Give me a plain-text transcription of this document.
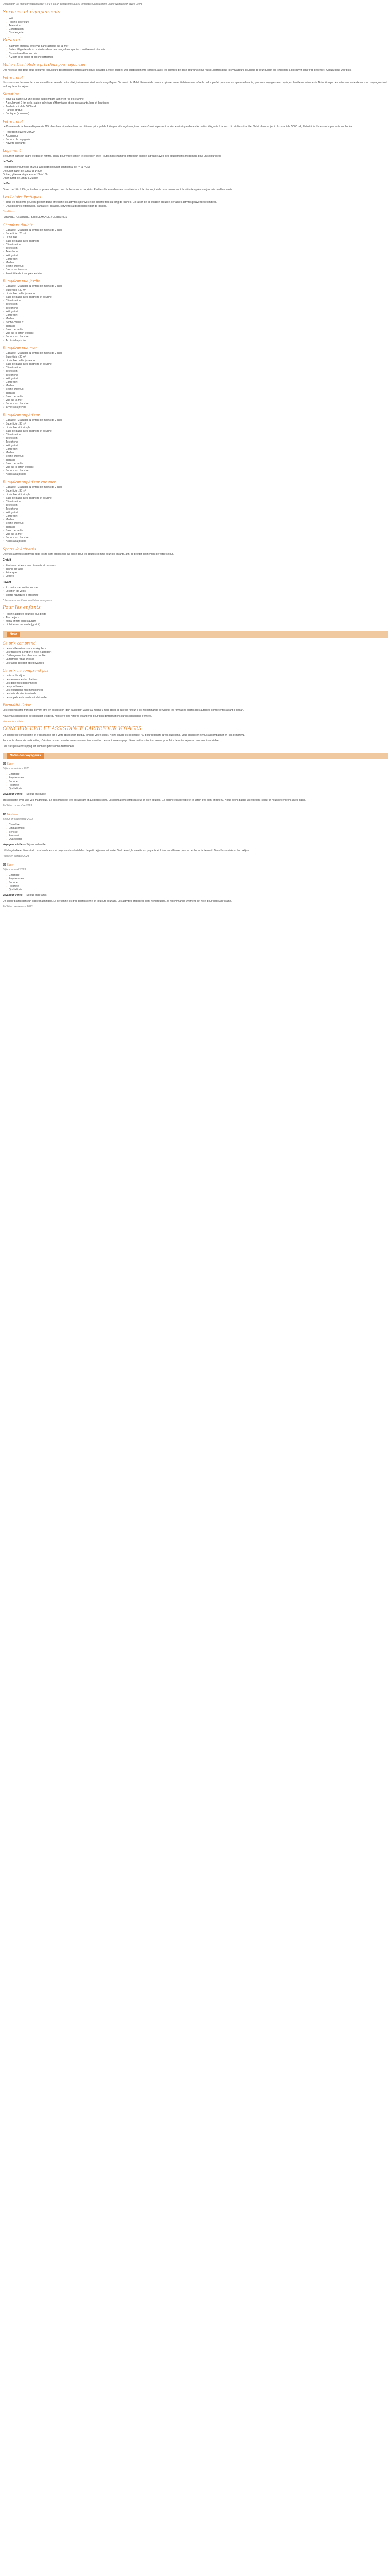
Description (ci-joint correspondance) : Il y a eu un compromis avec Formalités Conciergerie Large Négociation avec Client

Services et équipements
▪ Wifi
▪ Piscine extérieure
▪ Télévision
▪ Climatisation
▪ Conciergerie
Résumé
▪ Bâtiment principal avec vue panoramique sur la mer
▪ Suites élégantes de luxe situées dans des bungalows spacieux entièrement rénovés
▪ Couverture déconnectée
▪ À 2 km de la plage et proche d'Hermès
Mahé : Des hôtels à prix doux pour séjourner

Des hôtels à prix doux pour séjourner : plusieurs des meilleurs hôtels à prix doux, adaptés à votre budget. Des établissements simples, avec les services de base pour un séjour réussi, parfaits pour les voyageurs soucieux de leur budget qui cherchent à découvrir sans trop dépenser. Cliquez pour voir plus.

Votre hôtel

Nous sommes heureux de vous accueillir au sein de notre hôtel, idéalement situé sur la magnifique côte ouest de Mahé. Entouré de nature tropicale, notre établissement offre le cadre parfait pour une escapade relaxante, que vous voyagiez en couple, en famille ou entre amis. Notre équipe dévouée sera ravie de vous accompagner tout au long de votre séjour.

Situation
• Situé au calme sur une colline surplombant la mer et l'île d'Ste Anne
• À seulement 2 km de la station balnéaire d'Hermitage et ses restaurants, bars et boutiques
• Jardin tropical de 5000 m2
• Parking gratuit
• Boutique (souvenirs)
Votre hôtel

Le Domaine de la Pointe dispose de 225 chambres réparties dans un bâtiment principal de 2 étages et bungalows, tous dotés d'un équipement moderne ainsi que d'une décoration élégante à la fois chic et décontractée. Niché dans un jardin luxuriant de 5000 m2, il bénéficie d'une vue imprenable sur l'océan.

• Réception ouverte 24h/24
• Ascenseur
• Service de bagagerie
• Navette (payante)
Logement

Séjournez dans un cadre élégant et raffiné, conçu pour votre confort et votre bien-être. Toutes nos chambres offrent un espace agréable avec des équipements modernes, pour un séjour idéal.

Le Tarifs

Petit déjeuner buffet de 7h30 à 10h (petit déjeuner continental de 7h à 7h30)
Déjeuner buffet de 12h00 à 14h00
Goûter, gâteaux et glaces de 15h à 16h
Dîner buffet de 18h30 à 21h30

Le Bar

Ouvert de 10h à 23h, notre bar propose un large choix de boissons et cocktails. Profitez d'une ambiance conviviale face à la piscine, idéale pour un moment de détente après une journée de découverte.

Les Loisirs Pratiques
• Tous les résidents peuvent profiter d'une offre riche en activités sportives et de détente tout au long de l'année. En raison de la situation actuelle, certaines activités peuvent être limitées.
• Deux piscines extérieures, transats et parasols, serviettes à disposition et bar de piscine.

Conditions

PAYANTE / GRATUITE / SUR DEMANDE / CERTAINES

Chambre double
• Capacité : 2 adultes (1 enfant de moins de 2 ans)
• Superficie : 25 m²
• Lit double
• Salle de bains avec baignoire
• Climatisation
• Télévision
• Téléphone
• Wifi gratuit
• Coffre-fort
• Minibar
• Sèche-cheveux
• Balcon ou terrasse
• Possibilité de lit supplémentaire
Bungalow vue jardin
• Capacité : 2 adultes (1 enfant de moins de 2 ans)
• Superficie : 30 m²
• Lit double ou lits jumeaux
• Salle de bains avec baignoire et douche
• Climatisation
• Télévision
• Téléphone
• Wifi gratuit
• Coffre-fort
• Minibar
• Sèche-cheveux
• Terrasse
• Salon de jardin
• Vue sur le jardin tropical
• Service en chambre
• Accès à la piscine
Bungalow vue mer
• Capacité : 2 adultes (1 enfant de moins de 2 ans)
• Superficie : 30 m²
• Lit double ou lits jumeaux
• Salle de bains avec baignoire et douche
• Climatisation
• Télévision
• Téléphone
• Wifi gratuit
• Coffre-fort
• Minibar
• Sèche-cheveux
• Terrasse
• Salon de jardin
• Vue sur la mer
• Service en chambre
• Accès à la piscine
Bungalow supérieur
• Capacité : 3 adultes (1 enfant de moins de 2 ans)
• Superficie : 35 m²
• Lit double et lit simple
• Salle de bains avec baignoire et douche
• Climatisation
• Télévision
• Téléphone
• Wifi gratuit
• Coffre-fort
• Minibar
• Sèche-cheveux
• Terrasse
• Salon de jardin
• Vue sur le jardin tropical
• Service en chambre
• Accès à la piscine
Bungalow supérieur vue mer
• Capacité : 3 adultes (1 enfant de moins de 2 ans)
• Superficie : 35 m²
• Lit double et lit simple
• Salle de bains avec baignoire et douche
• Climatisation
• Télévision
• Téléphone
• Wifi gratuit
• Coffre-fort
• Minibar
• Sèche-cheveux
• Terrasse
• Salon de jardin
• Vue sur la mer
• Service en chambre
• Accès à la piscine
Sports & Activités

Diverses activités sportives et de loisirs sont proposées sur place pour les adultes comme pour les enfants, afin de profiter pleinement de votre séjour.

Gratuit :

• Piscine extérieure avec transats et parasols
• Tennis de table
• Pétanque
• Fitness

Payant :

• Excursions et sorties en mer
• Location de vélos
• Sports nautiques à proximité

* Selon les conditions sanitaires en vigueur

Pour les enfants
• Piscine adaptée pour les plus petits
• Aire de jeux
• Menu enfant au restaurant
• Lit bébé sur demande (gratuit)
Note
Ce prix comprend
• Le vol aller-retour sur vols réguliers
• Les transferts aéroport / hôtel / aéroport
• L'hébergement en chambre double
• La formule repas choisie
• Les taxes aéroport et redevances
Ce prix ne comprend pas
• La taxe de séjour
• Les assurances facultatives
• Les dépenses personnelles
• Les pourboires
• Les excursions non mentionnées
• Les frais de visa éventuels
• Le supplément chambre individuelle
Formalité Grise

Les ressortissants français doivent être en possession d'un passeport valide au moins 6 mois après la date de retour. Il est recommandé de vérifier les formalités auprès des autorités compétentes avant le départ.

Nous vous conseillons de consulter le site du ministère des Affaires étrangères pour plus d'informations sur les conditions d'entrée.

Voir les formalités

CONCIERGERIE ET ASSISTANCE CARREFOUR VOYAGES

Un service de conciergerie et d'assistance est à votre disposition tout au long de votre séjour. Notre équipe est joignable 7j/7 pour répondre à vos questions, vous conseiller et vous accompagner en cas d'imprévu.

Pour toute demande particulière, n'hésitez pas à contacter notre service client avant ou pendant votre voyage. Nous mettrons tout en œuvre pour faire de votre séjour un moment inoubliable.

Des frais peuvent s'appliquer selon les prestations demandées.

Notes des voyageurs

5/5 Super

Séjour en octobre 2023

▪ Chambre
▪ Emplacement
▪ Service
▪ Propreté
▪ Qualité/prix

Voyageur vérifié — Séjour en couple

Très bel hôtel avec une vue magnifique. Le personnel est très accueillant et aux petits soins. Les bungalows sont spacieux et bien équipés. La piscine est agréable et le jardin très bien entretenu. Nous avons passé un excellent séjour et nous reviendrons avec plaisir.

Publié en novembre 2023

4/5 Très bien

Séjour en septembre 2023

▪ Chambre
▪ Emplacement
▪ Service
▪ Propreté
▪ Qualité/prix

Voyageur vérifié — Séjour en famille

Hôtel agréable et bien situé. Les chambres sont propres et confortables. Le petit déjeuner est varié. Seul bémol, la navette est payante et il faut un véhicule pour se déplacer facilement. Dans l'ensemble un bon séjour.

Publié en octobre 2023

5/5 Super

Séjour en août 2023

▪ Chambre
▪ Emplacement
▪ Service
▪ Propreté
▪ Qualité/prix

Voyageur vérifié — Séjour entre amis

Un séjour parfait dans un cadre magnifique. Le personnel est très professionnel et toujours souriant. Les activités proposées sont nombreuses. Je recommande vivement cet hôtel pour découvrir Mahé.

Publié en septembre 2023
